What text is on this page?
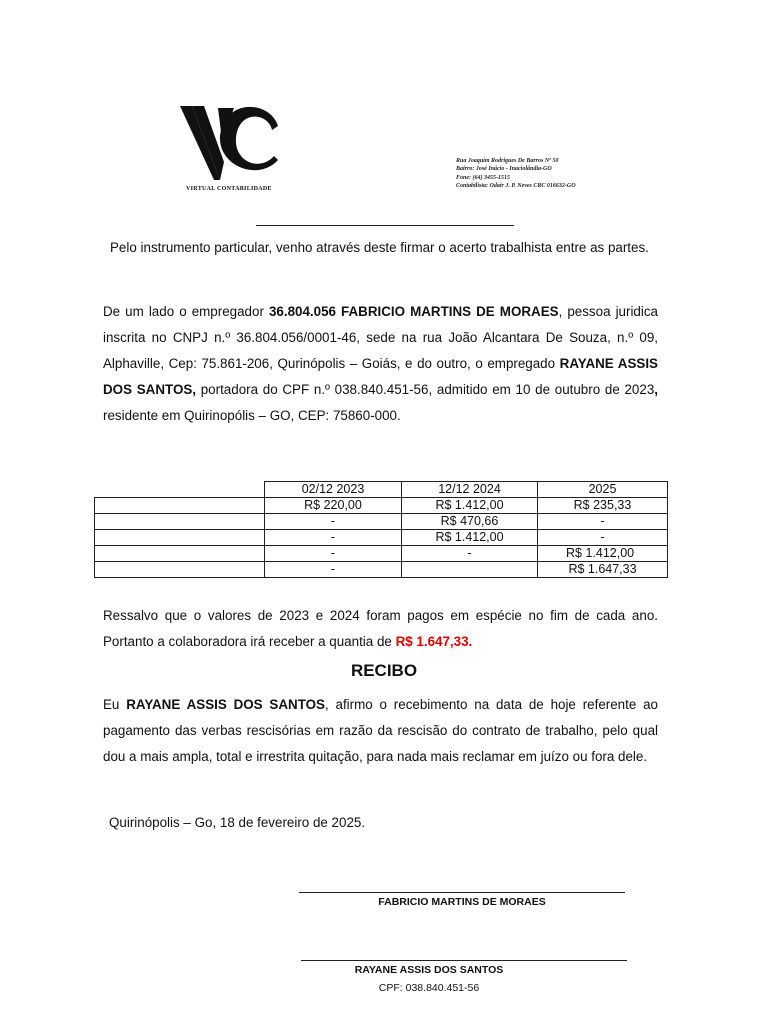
VIRTUAL CONTABILIDADE
Rua Joaquim Rodrigues De Barros Nº 50
Bairro: José Inácio - Inaciolândia-GO
Fone: (64) 3455-1515
Contabilista: Odair J. P. Neves CRC 016632-GO

Pelo instrumento particular, venho através deste firmar o acerto trabalhista entre as partes.

De um lado o empregador 36.804.056 FABRICIO MARTINS DE MORAES, pessoa juridica inscrita no CNPJ n.º 36.804.056/0001-46, sede na rua João Alcantara De Souza, n.º 09, Alphaville, Cep: 75.861-206, Qurinópolis – Goiás, e do outro, o empregado RAYANE ASSIS DOS SANTOS, portadora do CPF n.º 038.840.451-56, admitido em 10 de outubro de 2023, residente em Quirinopólis – GO, CEP: 75860-000.

	02/12 2023	12/12 2024	2025
	R$ 220,00	R$ 1.412,00	R$ 235,33
	-	R$ 470,66	-
	-	R$ 1.412,00	-
	-	-	R$ 1.412,00
	-		R$ 1.647,33

Ressalvo que o valores de 2023 e 2024 foram pagos em espécie no fim de cada ano. Portanto a colaboradora irá receber a quantia de R$ 1.647,33.

RECIBO

Eu RAYANE ASSIS DOS SANTOS, afirmo o recebimento na data de hoje referente ao pagamento das verbas rescisórias em razão da rescisão do contrato de trabalho, pelo qual dou a mais ampla, total e irrestrita quitação, para nada mais reclamar em juízo ou fora dele.

Quirinópolis – Go, 18 de fevereiro de 2025.
FABRICIO MARTINS DE MORAES
RAYANE ASSIS DOS SANTOS
CPF: 038.840.451-56
